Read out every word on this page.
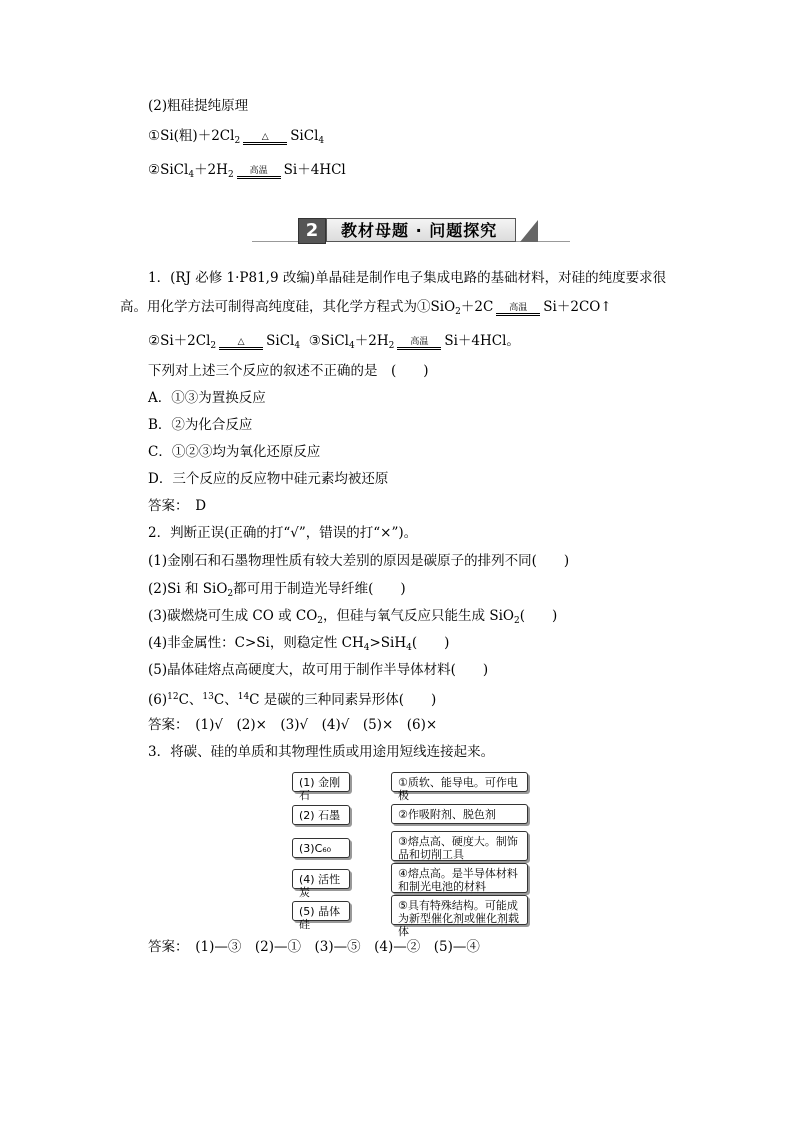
(2)粗硅提纯原理
①Si(粗)$+2Cl_2$	△	SiCl$_4$
$②SiCl_4+2H_2$	高温	Si＋4HCl
2	教材母题 · 问题探究
1．(RJ 必修 1·P81,9 改编)单晶硅是制作电子集成电路的基础材料，对硅的纯度要求很
高。用化学方法可制得高纯度硅，其化学方程式为①SiO$_2$＋2C	高温	Si＋2CO↑
$②Si+2Cl_2$	△	SiCl$_4$ $③SiCl_4+2H_2$	高温	Si＋4HCl。
下列对上述三个反应的叙述不正确的是　(　　)
A．①③为置换反应
B．②为化合反应
C．①②③均为氧化还原反应
D．三个反应的反应物中硅元素均被还原
答案：　D
2．判断正误(正确的打“√”，错误的打“×”)。
(1)金刚石和石墨物理性质有较大差别的原因是碳原子的排列不同(　　)
(2)Si 和 SiO$_2$都可用于制造光导纤维(　　)
(3)碳燃烧可生成 CO 或 $CO_2$，但硅与氧气反应只能生成 SiO$_2$(　　)
(4)非金属性：C>Si，则稳定性 $CH_4>SiH_4$(　　)
(5)晶体硅熔点高硬度大，故可用于制作半导体材料(　　)
$(6)^{12}C$、$^{13}$C、$^{14}$C 是碳的三种同素异形体(　　)
答案：　(1)√　(2)×　(3)√　(4)√　(5)×　(6)×
3．将碳、硅的单质和其物理性质或用途用短线连接起来。
(1) 金刚石
(2) 石墨
(3)C₆₀
(4) 活性炭
(5) 晶体硅
①质软、能导电。可作电极
②作吸附剂、脱色剂
③熔点高、硬度大。制饰品和切削工具
④熔点高。是半导体材料和制光电池的材料
⑤具有特殊结构。可能成为新型催化剂或催化剂载体
答案：　(1)—③　(2)—①　(3)—⑤　(4)—②　(5)—④
